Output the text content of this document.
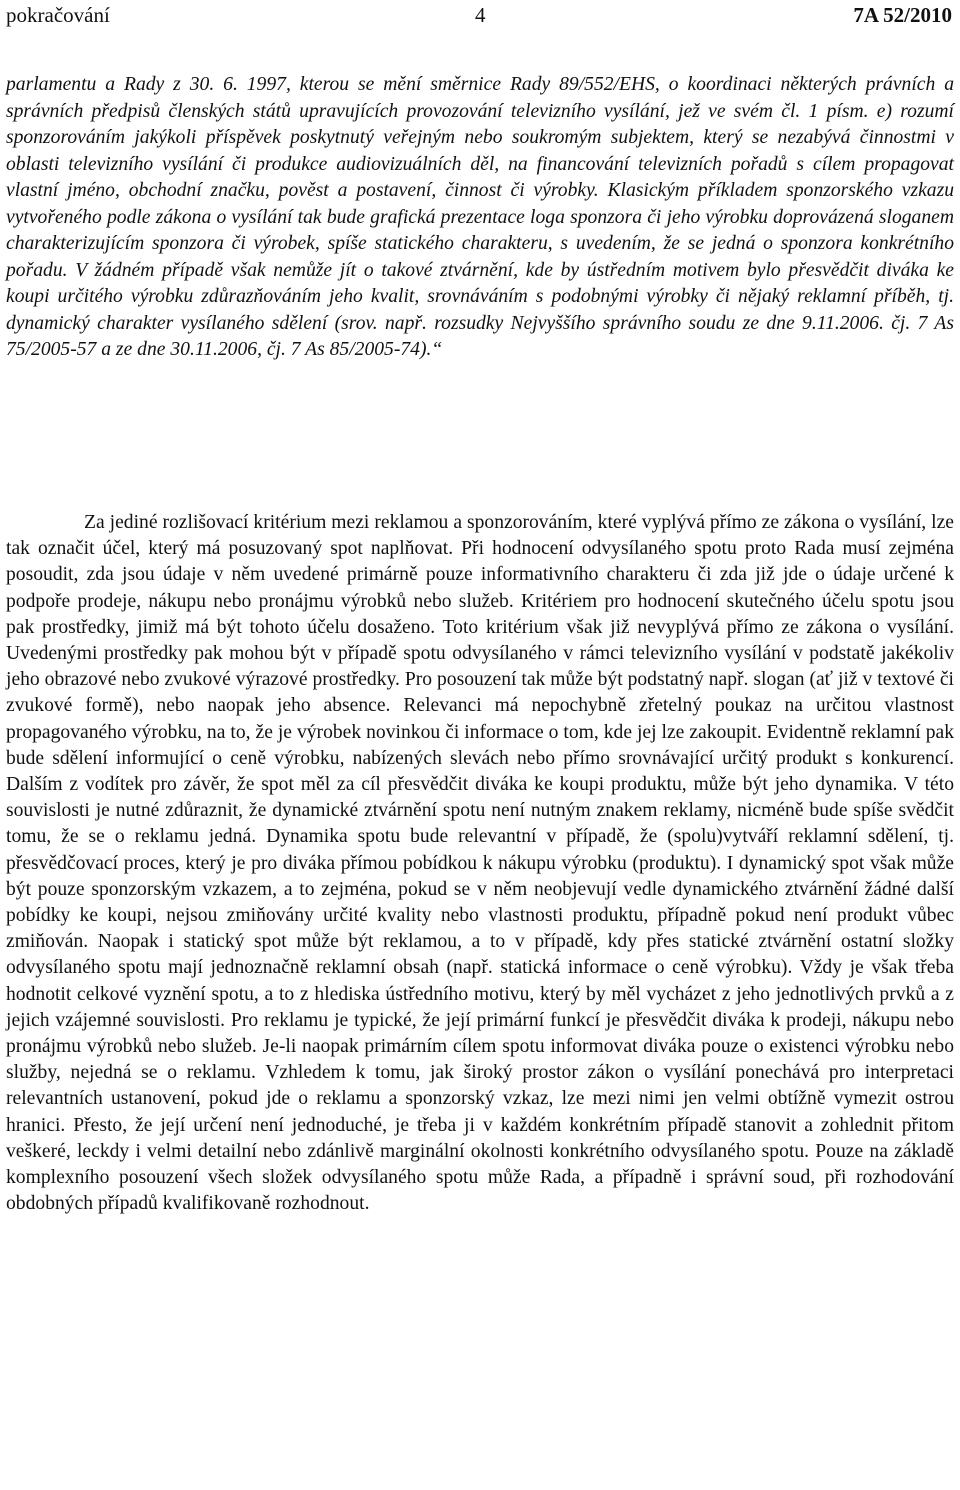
pokračování	4	7A 52/2010

parlamentu a Rady z 30. 6. 1997, kterou se mění směrnice Rady 89/552/EHS, o koordinaci některých právních a správních předpisů členských států upravujících provozování televizního vysílání, jež ve svém čl. 1 písm. e) rozumí sponzorováním jakýkoli příspěvek poskytnutý veřejným nebo soukromým subjektem, který se nezabývá činnostmi v oblasti televizního vysílání či produkce audiovizuálních děl, na financování televizních pořadů s cílem propagovat vlastní jméno, obchodní značku, pověst a postavení, činnost či výrobky. Klasickým příkladem sponzorského vzkazu vytvořeného podle zákona o vysílání tak bude grafická prezentace loga sponzora či jeho výrobku doprovázená sloganem charakterizujícím sponzora či výrobek, spíše statického charakteru, s uvedením, že se jedná o sponzora konkrétního pořadu. V žádném případě však nemůže jít o takové ztvárnění, kde by ústředním motivem bylo přesvědčit diváka ke koupi určitého výrobku zdůrazňováním jeho kvalit, srovnáváním s podobnými výrobky či nějaký reklamní příběh, tj. dynamický charakter vysílaného sdělení (srov. např. rozsudky Nejvyššího správního soudu ze dne 9.11.2006. čj. 7 As 75/2005-57 a ze dne 30.11.2006, čj. 7 As 85/2005-74).“

Za jediné rozlišovací kritérium mezi reklamou a sponzorováním, které vyplývá přímo ze zákona o vysílání, lze tak označit účel, který má posuzovaný spot naplňovat. Při hodnocení odvysílaného spotu proto Rada musí zejména posoudit, zda jsou údaje v něm uvedené primárně pouze informativního charakteru či zda již jde o údaje určené k podpoře prodeje, nákupu nebo pronájmu výrobků nebo služeb. Kritériem pro hodnocení skutečného účelu spotu jsou pak prostředky, jimiž má být tohoto účelu dosaženo. Toto kritérium však již nevyplývá přímo ze zákona o vysílání. Uvedenými prostředky pak mohou být v případě spotu odvysílaného v rámci televizního vysílání v podstatě jakékoliv jeho obrazové nebo zvukové výrazové prostředky. Pro posouzení tak může být podstatný např. slogan (ať již v textové či zvukové formě), nebo naopak jeho absence. Relevanci má nepochybně zřetelný poukaz na určitou vlastnost propagovaného výrobku, na to, že je výrobek novinkou či informace o tom, kde jej lze zakoupit. Evidentně reklamní pak bude sdělení informující o ceně výrobku, nabízených slevách nebo přímo srovnávající určitý produkt s konkurencí. Dalším z vodítek pro závěr, že spot měl za cíl přesvědčit diváka ke koupi produktu, může být jeho dynamika. V této souvislosti je nutné zdůraznit, že dynamické ztvárnění spotu není nutným znakem reklamy, nicméně bude spíše svědčit tomu, že se o reklamu jedná. Dynamika spotu bude relevantní v případě, že (spolu)vytváří reklamní sdělení, tj. přesvědčovací proces, který je pro diváka přímou pobídkou k nákupu výrobku (produktu). I dynamický spot však může být pouze sponzorským vzkazem, a to zejména, pokud se v něm neobjevují vedle dynamického ztvárnění žádné další pobídky ke koupi, nejsou zmiňovány určité kvality nebo vlastnosti produktu, případně pokud není produkt vůbec zmiňován. Naopak i statický spot může být reklamou, a to v případě, kdy přes statické ztvárnění ostatní složky odvysílaného spotu mají jednoznačně reklamní obsah (např. statická informace o ceně výrobku). Vždy je však třeba hodnotit celkové vyznění spotu, a to z hlediska ústředního motivu, který by měl vycházet z jeho jednotlivých prvků a z jejich vzájemné souvislosti. Pro reklamu je typické, že její primární funkcí je přesvědčit diváka k prodeji, nákupu nebo pronájmu výrobků nebo služeb. Je-li naopak primárním cílem spotu informovat diváka pouze o existenci výrobku nebo služby, nejedná se o reklamu. Vzhledem k tomu, jak široký prostor zákon o vysílání ponechává pro interpretaci relevantních ustanovení, pokud jde o reklamu a sponzorský vzkaz, lze mezi nimi jen velmi obtížně vymezit ostrou hranici. Přesto, že její určení není jednoduché, je třeba ji v každém konkrétním případě stanovit a zohlednit přitom veškeré, leckdy i velmi detailní nebo zdánlivě marginální okolnosti konkrétního odvysílaného spotu. Pouze na základě komplexního posouzení všech složek odvysílaného spotu může Rada, a případně i správní soud, při rozhodování obdobných případů kvalifikovaně rozhodnout.
